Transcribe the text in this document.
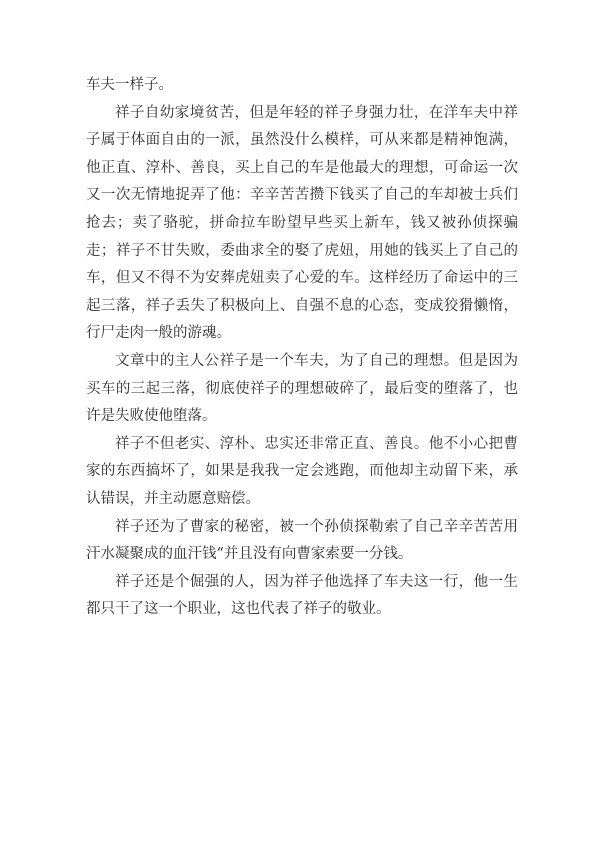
车夫一样子。

祥子自幼家境贫苦，但是年轻的祥子身强力壮，在洋车夫中祥子属于体面自由的一派，虽然没什么模样，可从来都是精神饱满，他正直、淳朴、善良，买上自己的车是他最大的理想，可命运一次又一次无情地捉弄了他：辛辛苦苦攒下钱买了自己的车却被士兵们抢去；卖了骆驼，拼命拉车盼望早些买上新车，钱又被孙侦探骗走；祥子不甘失败，委曲求全的娶了虎妞，用她的钱买上了自己的车，但又不得不为安葬虎妞卖了心爱的车。这样经历了命运中的三起三落，祥子丢失了积极向上、自强不息的心态，变成狡猾懒惰，行尸走肉一般的游魂。

文章中的主人公祥子是一个车夫，为了自己的理想。但是因为买车的三起三落，彻底使祥子的理想破碎了，最后变的堕落了，也许是失败使他堕落。

祥子不但老实、淳朴、忠实还非常正直、善良。他不小心把曹家的东西搞坏了，如果是我我一定会逃跑，而他却主动留下来，承认错误，并主动愿意赔偿。

祥子还为了曹家的秘密，被一个孙侦探勒索了自己辛辛苦苦用汗水凝聚成的血汗钱“并且没有向曹家索要一分钱。

祥子还是个倔强的人，因为祥子他选择了车夫这一行，他一生都只干了这一个职业，这也代表了祥子的敬业。
